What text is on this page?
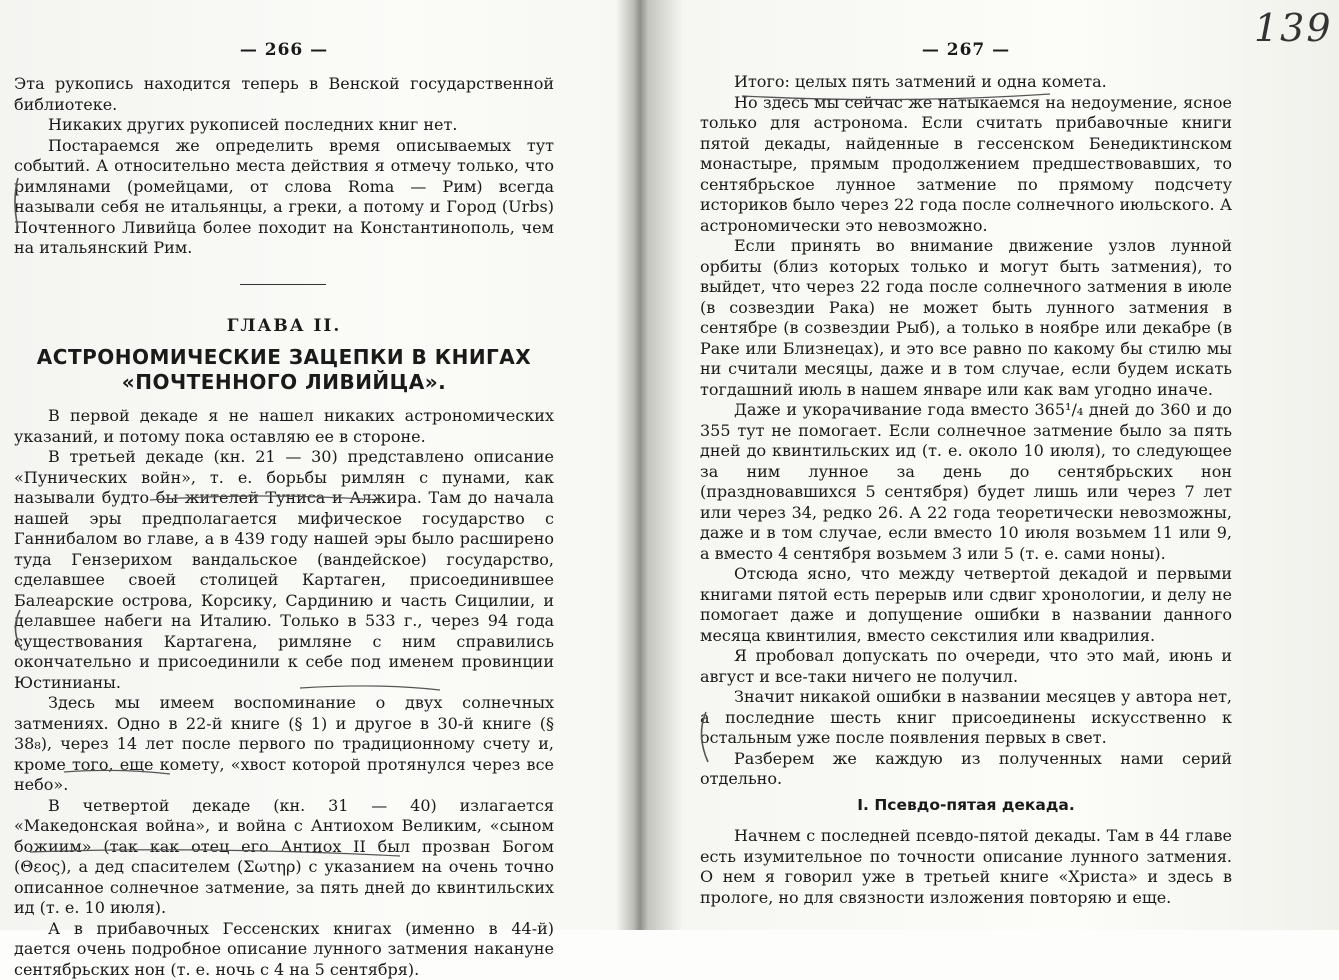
139
— 266 —

Эта рукопись находится теперь в Венской государственной библиотеке.

Никаких других рукописей последних книг нет.

Постараемся же определить время описываемых тут событий. А относительно места действия я отмечу только, что римлянами (ромейцами, от слова Roma — Рим) всегда называли себя не итальянцы, а греки, а потому и Город (Urbs) Почтенного Ливийца более походит на Константинополь, чем на итальянский Рим.

ГЛАВА II.
АСТРОНОМИЧЕСКИЕ ЗАЦЕПКИ В КНИГАХ
«ПОЧТЕННОГО ЛИВИЙЦА».

В первой декаде я не нашел никаких астрономических указаний, и потому пока оставляю ее в стороне.

В третьей декаде (кн. 21 — 30) представлено описание «Пунических войн», т. е. борьбы римлян с пунами, как называли будто бы жителей Туниса и Алжира. Там до начала нашей эры предполагается мифическое государство с Ганнибалом во главе, а в 439 году нашей эры было расширено туда Гензерихом вандальское (вандейское) государство, сделавшее своей столицей Картаген, присоединившее Балеарские острова, Корсику, Сардинию и часть Сицилии, и делавшее набеги на Италию. Только в 533 г., через 94 года существования Картагена, римляне с ним справились окончательно и присоединили к себе под именем провинции Юстинианы.

Здесь мы имеем воспоминание о двух солнечных затмениях. Одно в 22-й книге (§ 1) и другое в 30-й книге (§ 38₈), через 14 лет после первого по традиционному счету и, кроме того, еще комету, «хвост которой протянулся через все небо».

В четвертой декаде (кн. 31 — 40) излагается «Македонская война», и война с Антиохом Великим, «сыном божиим» (так как отец его Антиох II был прозван Богом (Θεος), а дед спасителем (Σωτηρ) с указанием на очень точно описанное солнечное затмение, за пять дней до квинтильских ид (т. е. 10 июля).

А в прибавочных Гессенских книгах (именно в 44-й) дается очень подробное описание лунного затмения накануне сентябрьских нон (т. е. ночь с 4 на 5 сентября).

— 267 —

Итого: целых пять затмений и одна комета.

Но здесь мы сейчас же натыкаемся на недоумение, ясное только для астронома. Если считать прибавочные книги пятой декады, найденные в гессенском Бенедиктинском монастыре, прямым продолжением предшествовавших, то сентябрьское лунное затмение по прямому подсчету историков было через 22 года после солнечного июльского. А астрономически это невозможно.

Если принять во внимание движение узлов лунной орбиты (близ которых только и могут быть затмения), то выйдет, что через 22 года после солнечного затмения в июле (в созвездии Рака) не может быть лунного затмения в сентябре (в созвездии Рыб), а только в ноябре или декабре (в Раке или Близнецах), и это все равно по какому бы стилю мы ни считали месяцы, даже и в том случае, если будем искать тогдашний июль в нашем январе или как вам угодно иначе.

Даже и укорачивание года вместо 365¹/₄ дней до 360 и до 355 тут не помогает. Если солнечное затмение было за пять дней до квинтильских ид (т. е. около 10 июля), то следующее за ним лунное за день до сентябрьских нон (праздновавшихся 5 сентября) будет лишь или через 7 лет или через 34, редко 26. А 22 года теоретически невозможны, даже и в том случае, если вместо 10 июля возьмем 11 или 9, а вместо 4 сентября возьмем 3 или 5 (т. е. сами ноны).

Отсюда ясно, что между четвертой декадой и первыми книгами пятой есть перерыв или сдвиг хронологии, и делу не помогает даже и допущение ошибки в названии данного месяца квинтилия, вместо секстилия или квадрилия.

Я пробовал допускать по очереди, что это май, июнь и август и все-таки ничего не получил.

Значит никакой ошибки в названии месяцев у автора нет, а последние шесть книг присоединены искусственно к остальным уже после появления первых в свет.

Разберем же каждую из полученных нами серий отдельно.

I. Псевдо-пятая декада.

Начнем с последней псевдо-пятой декады. Там в 44 главе есть изумительное по точности описание лунного затмения. О нем я говорил уже в третьей книге «Христа» и здесь в прологе, но для связности изложения повторяю и еще.
